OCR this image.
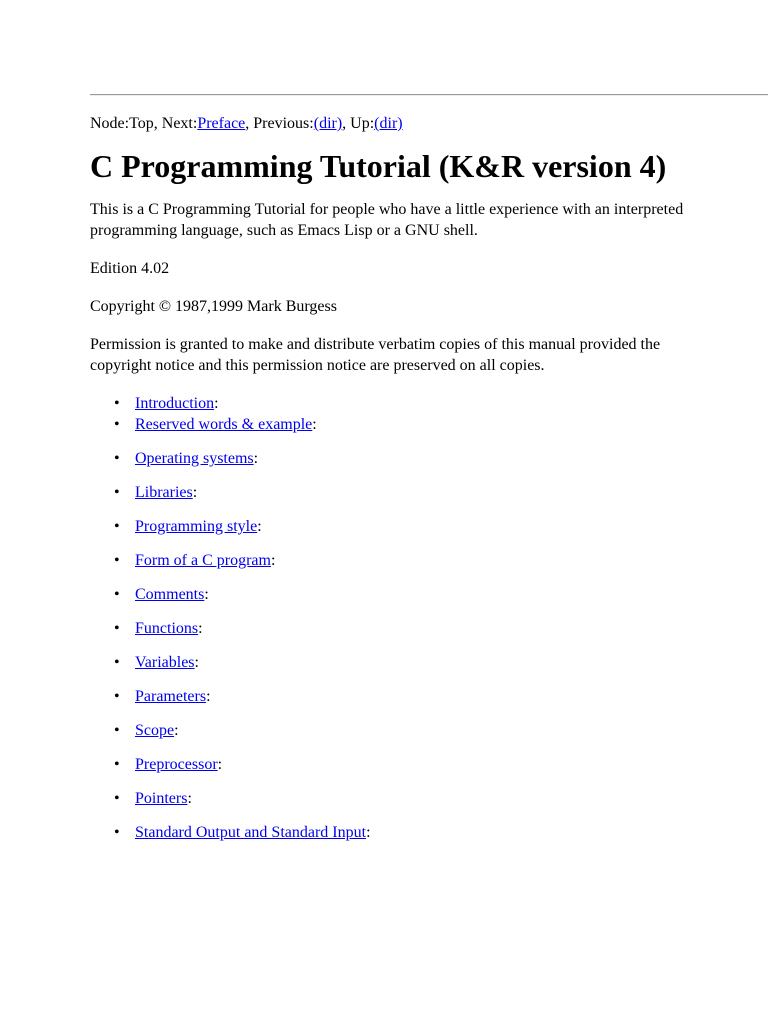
Node:Top, Next:Preface, Previous:(dir), Up:(dir)
C Programming Tutorial (K&R version 4)

This is a C Programming Tutorial for people who have a little experience with an interpreted programming language, such as Emacs Lisp or a GNU shell.

Edition 4.02

Copyright © 1987,1999 Mark Burgess

Permission is granted to make and distribute verbatim copies of this manual provided the copyright notice and this permission notice are preserved on all copies.

• Introduction:
• Reserved words & example:
• Operating systems:
• Libraries:
• Programming style:
• Form of a C program:
• Comments:
• Functions:
• Variables:
• Parameters:
• Scope:
• Preprocessor:
• Pointers:
• Standard Output and Standard Input:
